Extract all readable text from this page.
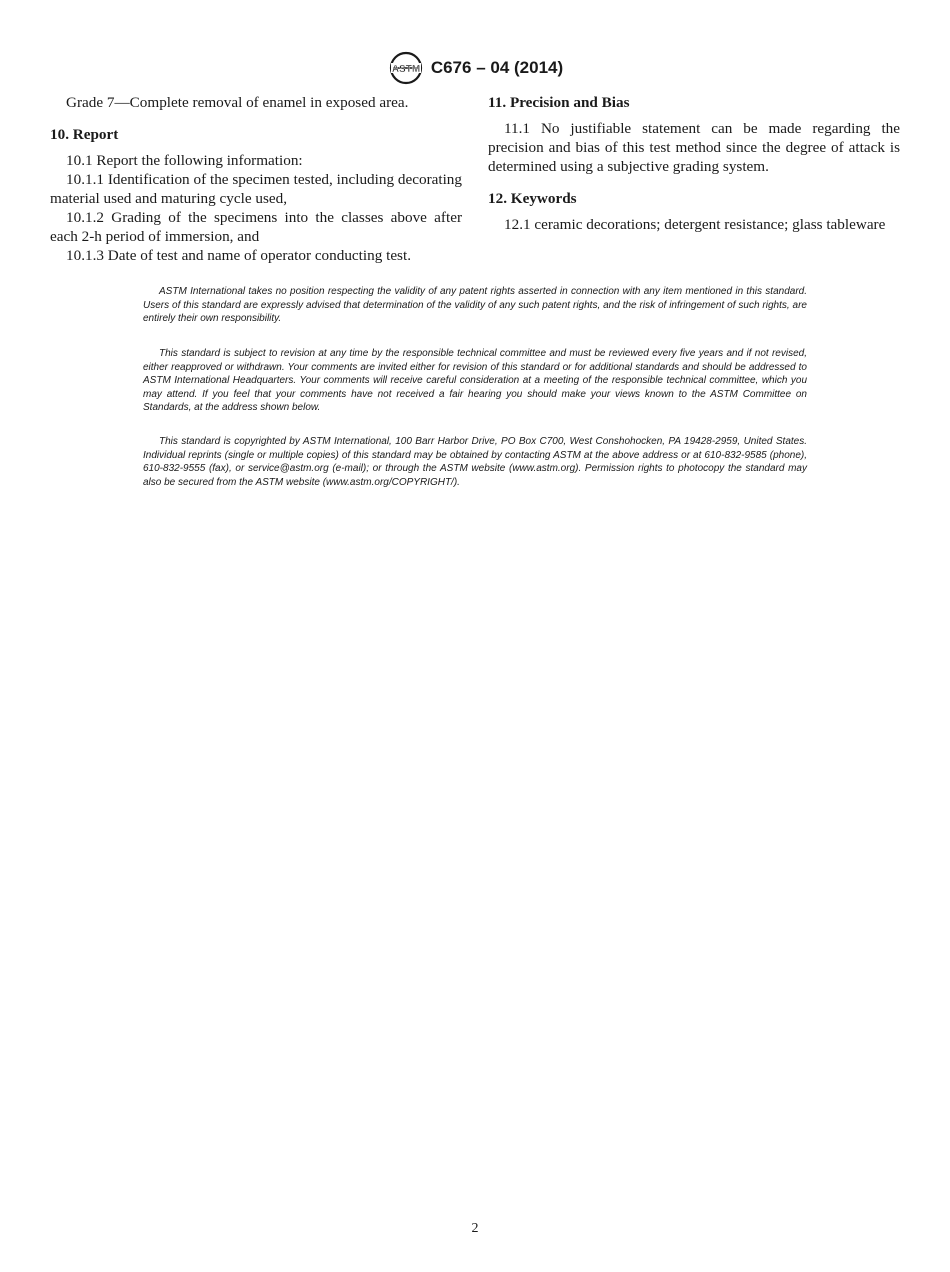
ASTM C676 – 04 (2014)

Grade 7—Complete removal of enamel in exposed area.

10. Report

10.1 Report the following information:

10.1.1 Identification of the specimen tested, including decorating material used and maturing cycle used,

10.1.2 Grading of the specimens into the classes above after each 2-h period of immersion, and

10.1.3 Date of test and name of operator conducting test.

11. Precision and Bias

11.1 No justifiable statement can be made regarding the precision and bias of this test method since the degree of attack is determined using a subjective grading system.

12. Keywords

12.1 ceramic decorations; detergent resistance; glass tableware

ASTM International takes no position respecting the validity of any patent rights asserted in connection with any item mentioned in this standard. Users of this standard are expressly advised that determination of the validity of any such patent rights, and the risk of infringement of such rights, are entirely their own responsibility.

This standard is subject to revision at any time by the responsible technical committee and must be reviewed every five years and if not revised, either reapproved or withdrawn. Your comments are invited either for revision of this standard or for additional standards and should be addressed to ASTM International Headquarters. Your comments will receive careful consideration at a meeting of the responsible technical committee, which you may attend. If you feel that your comments have not received a fair hearing you should make your views known to the ASTM Committee on Standards, at the address shown below.

This standard is copyrighted by ASTM International, 100 Barr Harbor Drive, PO Box C700, West Conshohocken, PA 19428-2959, United States. Individual reprints (single or multiple copies) of this standard may be obtained by contacting ASTM at the above address or at 610-832-9585 (phone), 610-832-9555 (fax), or service@astm.org (e-mail); or through the ASTM website (www.astm.org). Permission rights to photocopy the standard may also be secured from the ASTM website (www.astm.org/COPYRIGHT/).

2
